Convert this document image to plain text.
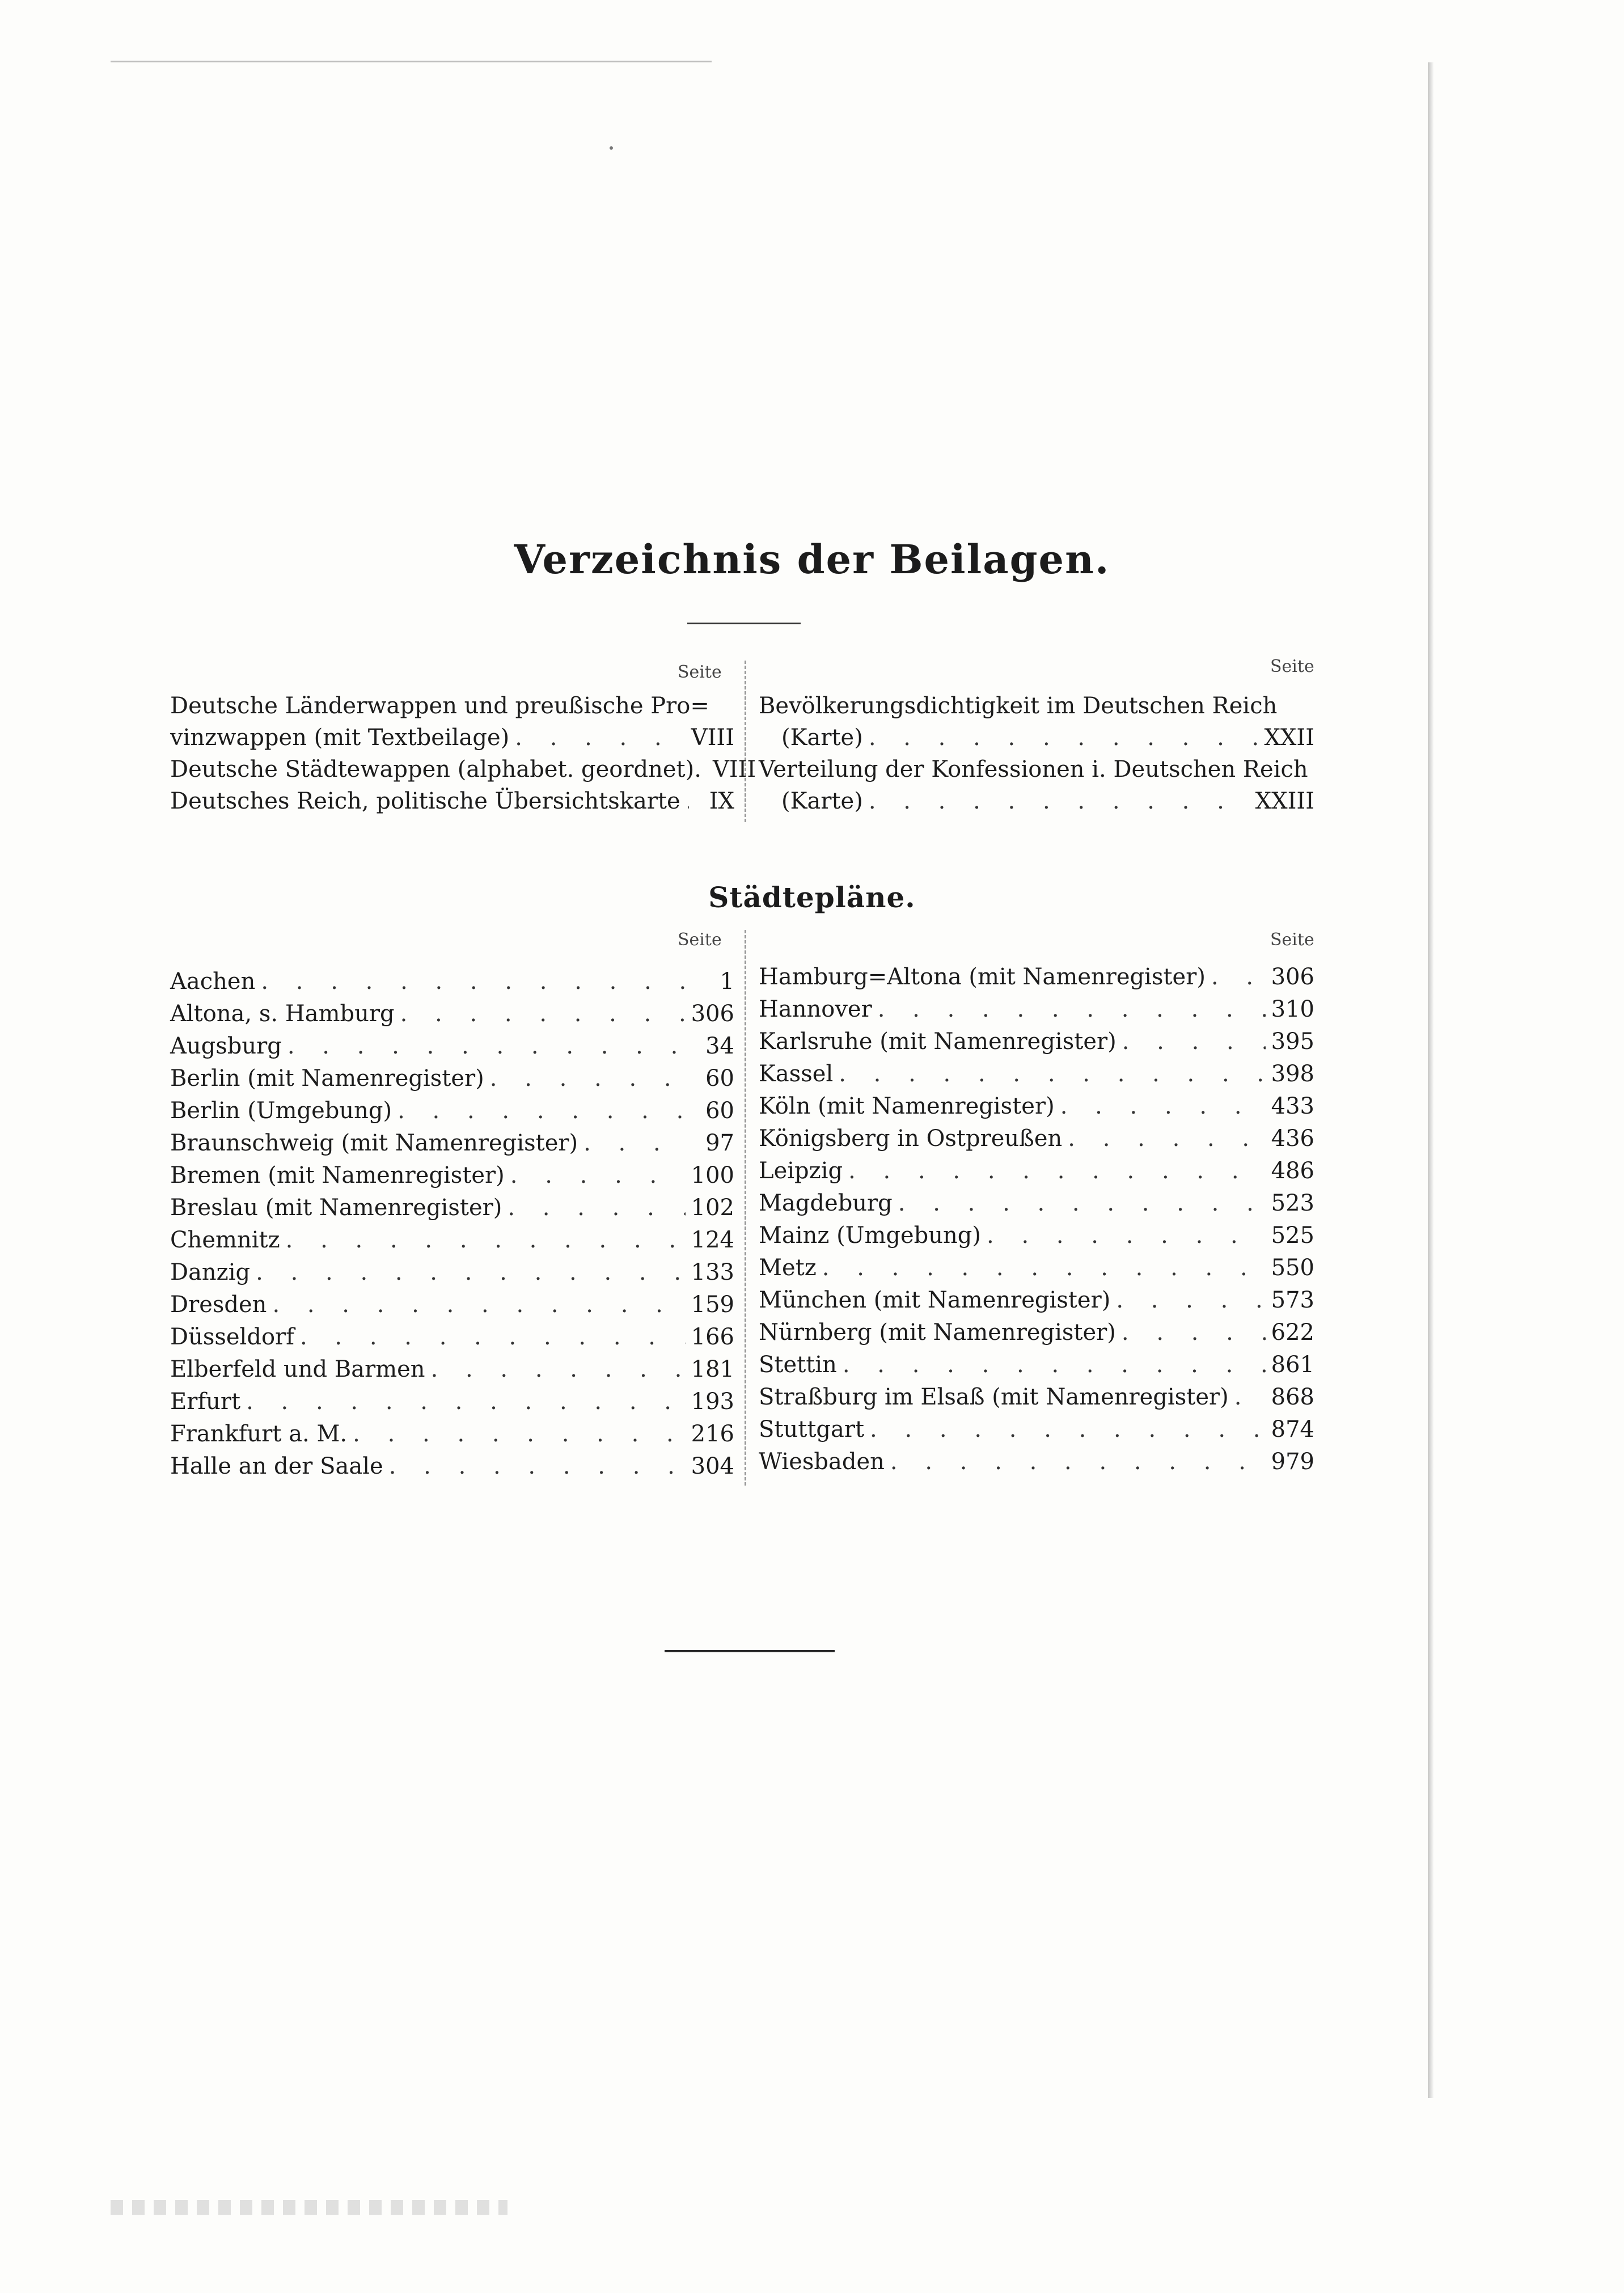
Verzeichnis der Beilagen.
Seite	Seite
Deutsche Länderwappen und preußische Pro=
vinzwappen (mit Textbeilage) . . .	VIII
Deutsche Städtewappen (alphabet. geordnet). VIII
Deutsches Reich, politische Übersichtskarte . . .	IX
Bevölkerungsdichtigkeit im Deutschen Reich
(Karte) . . .	XXII
Verteilung der Konfessionen i. Deutschen Reich
(Karte) . . .	XXIII
Städtepläne.
Seite	Seite
Aachen . . .	1
Altona, s. Hamburg . . .	306
Augsburg . . .	34
Berlin (mit Namenregister) . . .	60
Berlin (Umgebung) . . .	60
Braunschweig (mit Namenregister) . . .	97
Bremen (mit Namenregister) . . .	100
Breslau (mit Namenregister) . . .	102
Chemnitz . . .	124
Danzig . . .	133
Dresden . . .	159
Düsseldorf . . .	166
Elberfeld und Barmen . . .	181
Erfurt . . .	193
Frankfurt a. M. . . .	216
Halle an der Saale . . .	304
Hamburg=Altona (mit Namenregister) . . .	306
Hannover . . .	310
Karlsruhe (mit Namenregister) . . .	395
Kassel . . .	398
Köln (mit Namenregister) . . .	433
Königsberg in Ostpreußen . . .	436
Leipzig . . .	486
Magdeburg . . .	523
Mainz (Umgebung) . . .	525
Metz . . .	550
München (mit Namenregister) . . .	573
Nürnberg (mit Namenregister) . . .	622
Stettin . . .	861
Straßburg im Elsaß (mit Namenregister) . . . 868
Stuttgart . . .	874
Wiesbaden . . .	979
